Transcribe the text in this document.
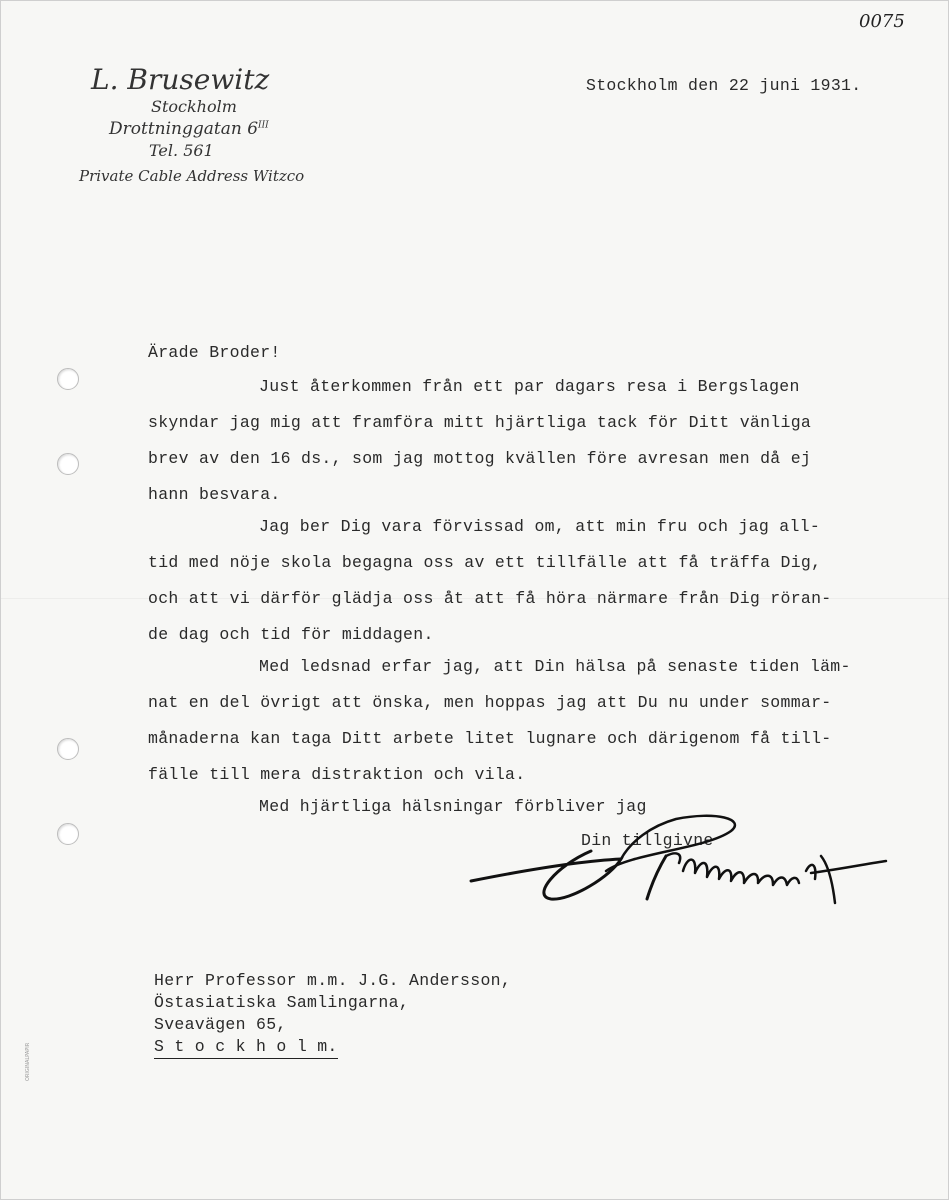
0075
L. Brusewitz
Stockholm
Drottninggatan $6^{III}$
Tel. 561
Private Cable Address Witzco
Stockholm den 22 juni 1931.
Ärade Broder!
Just återkommen från ett par dagars resa i Bergslagen
skyndar jag mig att framföra mitt hjärtliga tack för Ditt vänliga
brev av den 16 ds., som jag mottog kvällen före avresan men då ej
hann besvara.
Jag ber Dig vara förvissad om, att min fru och jag all-
tid med nöje skola begagna oss av ett tillfälle att få träffa Dig,
och att vi därför glädja oss åt att få höra närmare från Dig röran-
de dag och tid för middagen.
Med ledsnad erfar jag, att Din hälsa på senaste tiden läm-
nat en del övrigt att önska, men hoppas jag att Du nu under sommar-
månaderna kan taga Ditt arbete litet lugnare och därigenom få till-
fälle till mera distraktion och vila.
Med hjärtliga hälsningar förbliver jag
Din tillgivne
Herr Professor m.m. J.G. Andersson,
Östasiatiska Samlingarna,
Sveavägen 65,
S t o c k h o l m.
ORIGINALPAPIR
